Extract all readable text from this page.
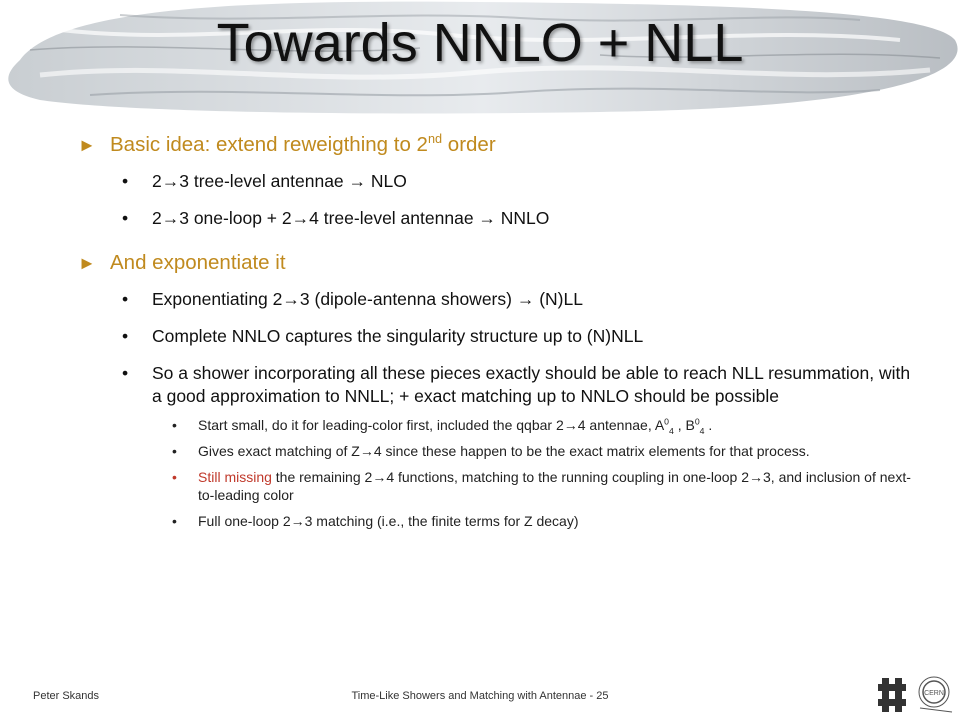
Towards NNLO + NLL
► Basic idea: extend reweigthing to 2nd order
• 2→3 tree-level antennae → NLO
• 2→3 one-loop + 2→4 tree-level antennae → NNLO
► And exponentiate it
• Exponentiating 2→3 (dipole-antenna showers) → (N)LL
• Complete NNLO captures the singularity structure up to (N)NLL
• So a shower incorporating all these pieces exactly should be able to reach NLL resummation, with a good approximation to NNLL; + exact matching up to NNLO should be possible
• Start small, do it for leading-color first, included the qqbar 2→4 antennae, $A^0_4$ , $B^0_4$ .
• Gives exact matching of Z→4 since these happen to be the exact matrix elements for that process.
• Still missing the remaining 2→4 functions, matching to the running coupling in one-loop 2→3, and inclusion of next-to-leading color
• Full one-loop 2→3 matching (i.e., the finite terms for Z decay)
Peter Skands	Time-Like Showers and Matching with Antennae - 25	CERN
